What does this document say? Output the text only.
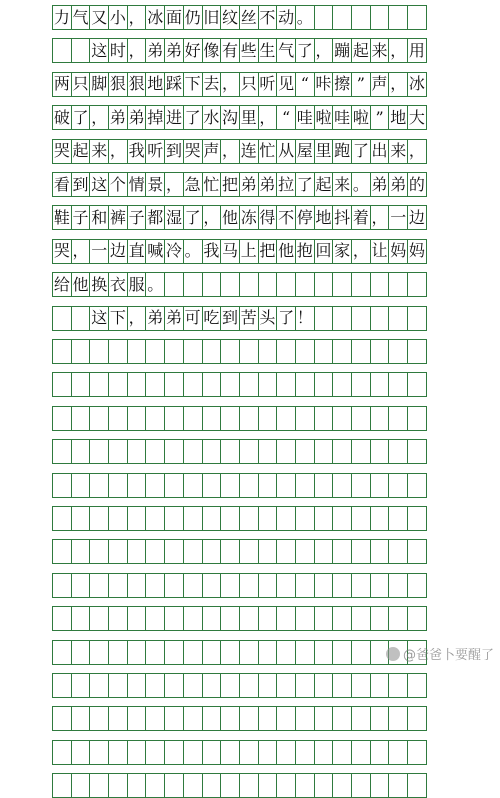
力 气 又 小 ， 冰 面 仍 旧 纹 丝 不 动 。
这 时 ， 弟 弟 好 像 有 些 生 气 了 ， 蹦 起 来 ， 用
两 只 脚 狠 狠 地 踩 下 去 ， 只 听 见 “ 咔 擦 ” 声 ， 冰
破 了 ， 弟 弟 掉 进 了 水 沟 里 ， “ 哇 啦 哇 啦 ” 地 大
哭 起 来 ， 我 听 到 哭 声 ， 连 忙 从 屋 里 跑 了 出 来 ，
看 到 这 个 情 景 ， 急 忙 把 弟 弟 拉 了 起 来 。 弟 弟 的
鞋 子 和 裤 子 都 湿 了 ， 他 冻 得 不 停 地 抖 着 ， 一 边
哭 ， 一 边 直 喊 冷 。 我 马 上 把 他 抱 回 家 ， 让 妈 妈
给 他 换 衣 服 。
这 下 ， 弟 弟 可 吃 到 苦 头 了 ！
@爸爸卜要醒了
